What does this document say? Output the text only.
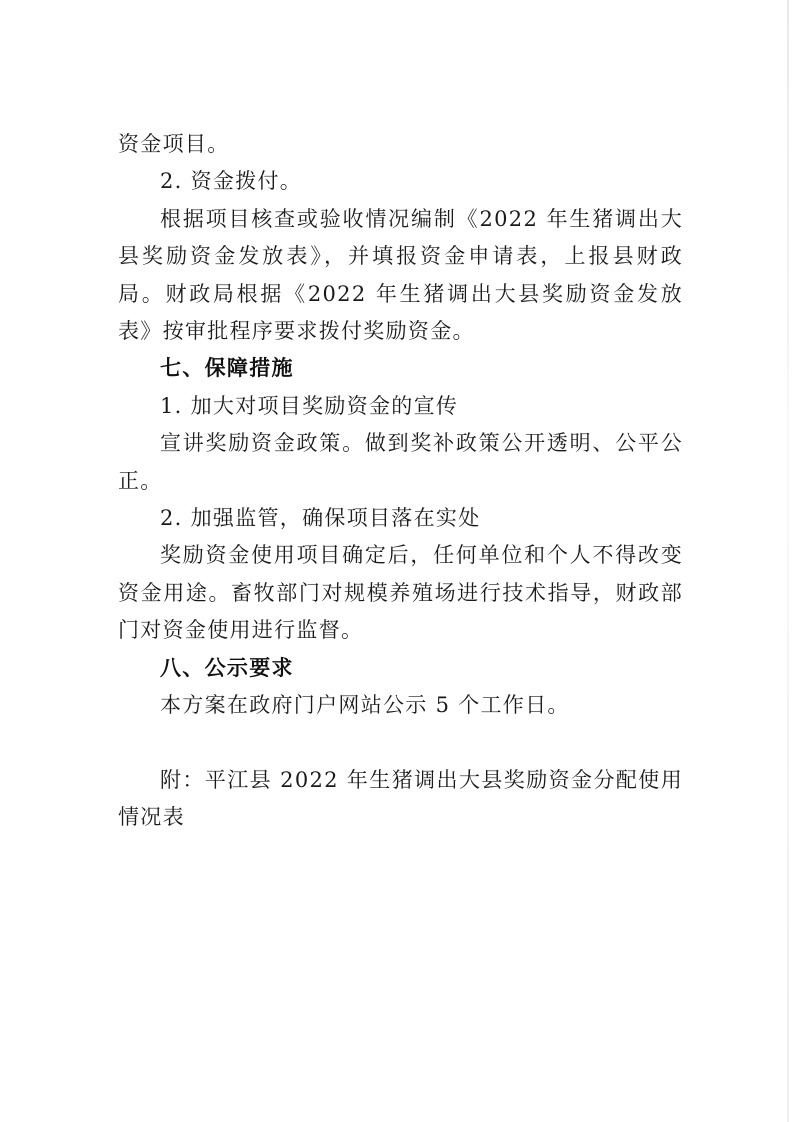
资金项目。

2. 资金拨付。

根据项目核查或验收情况编制《2022 年生猪调出大县奖励资金发放表》，并填报资金申请表，上报县财政局。财政局根据《2022 年生猪调出大县奖励资金发放表》按审批程序要求拨付奖励资金。

七、保障措施

1. 加大对项目奖励资金的宣传

宣讲奖励资金政策。做到奖补政策公开透明、公平公正。

2. 加强监管，确保项目落在实处

奖励资金使用项目确定后，任何单位和个人不得改变资金用途。畜牧部门对规模养殖场进行技术指导，财政部门对资金使用进行监督。

八、公示要求

本方案在政府门户网站公示 5 个工作日。

附：平江县 2022 年生猪调出大县奖励资金分配使用情况表
